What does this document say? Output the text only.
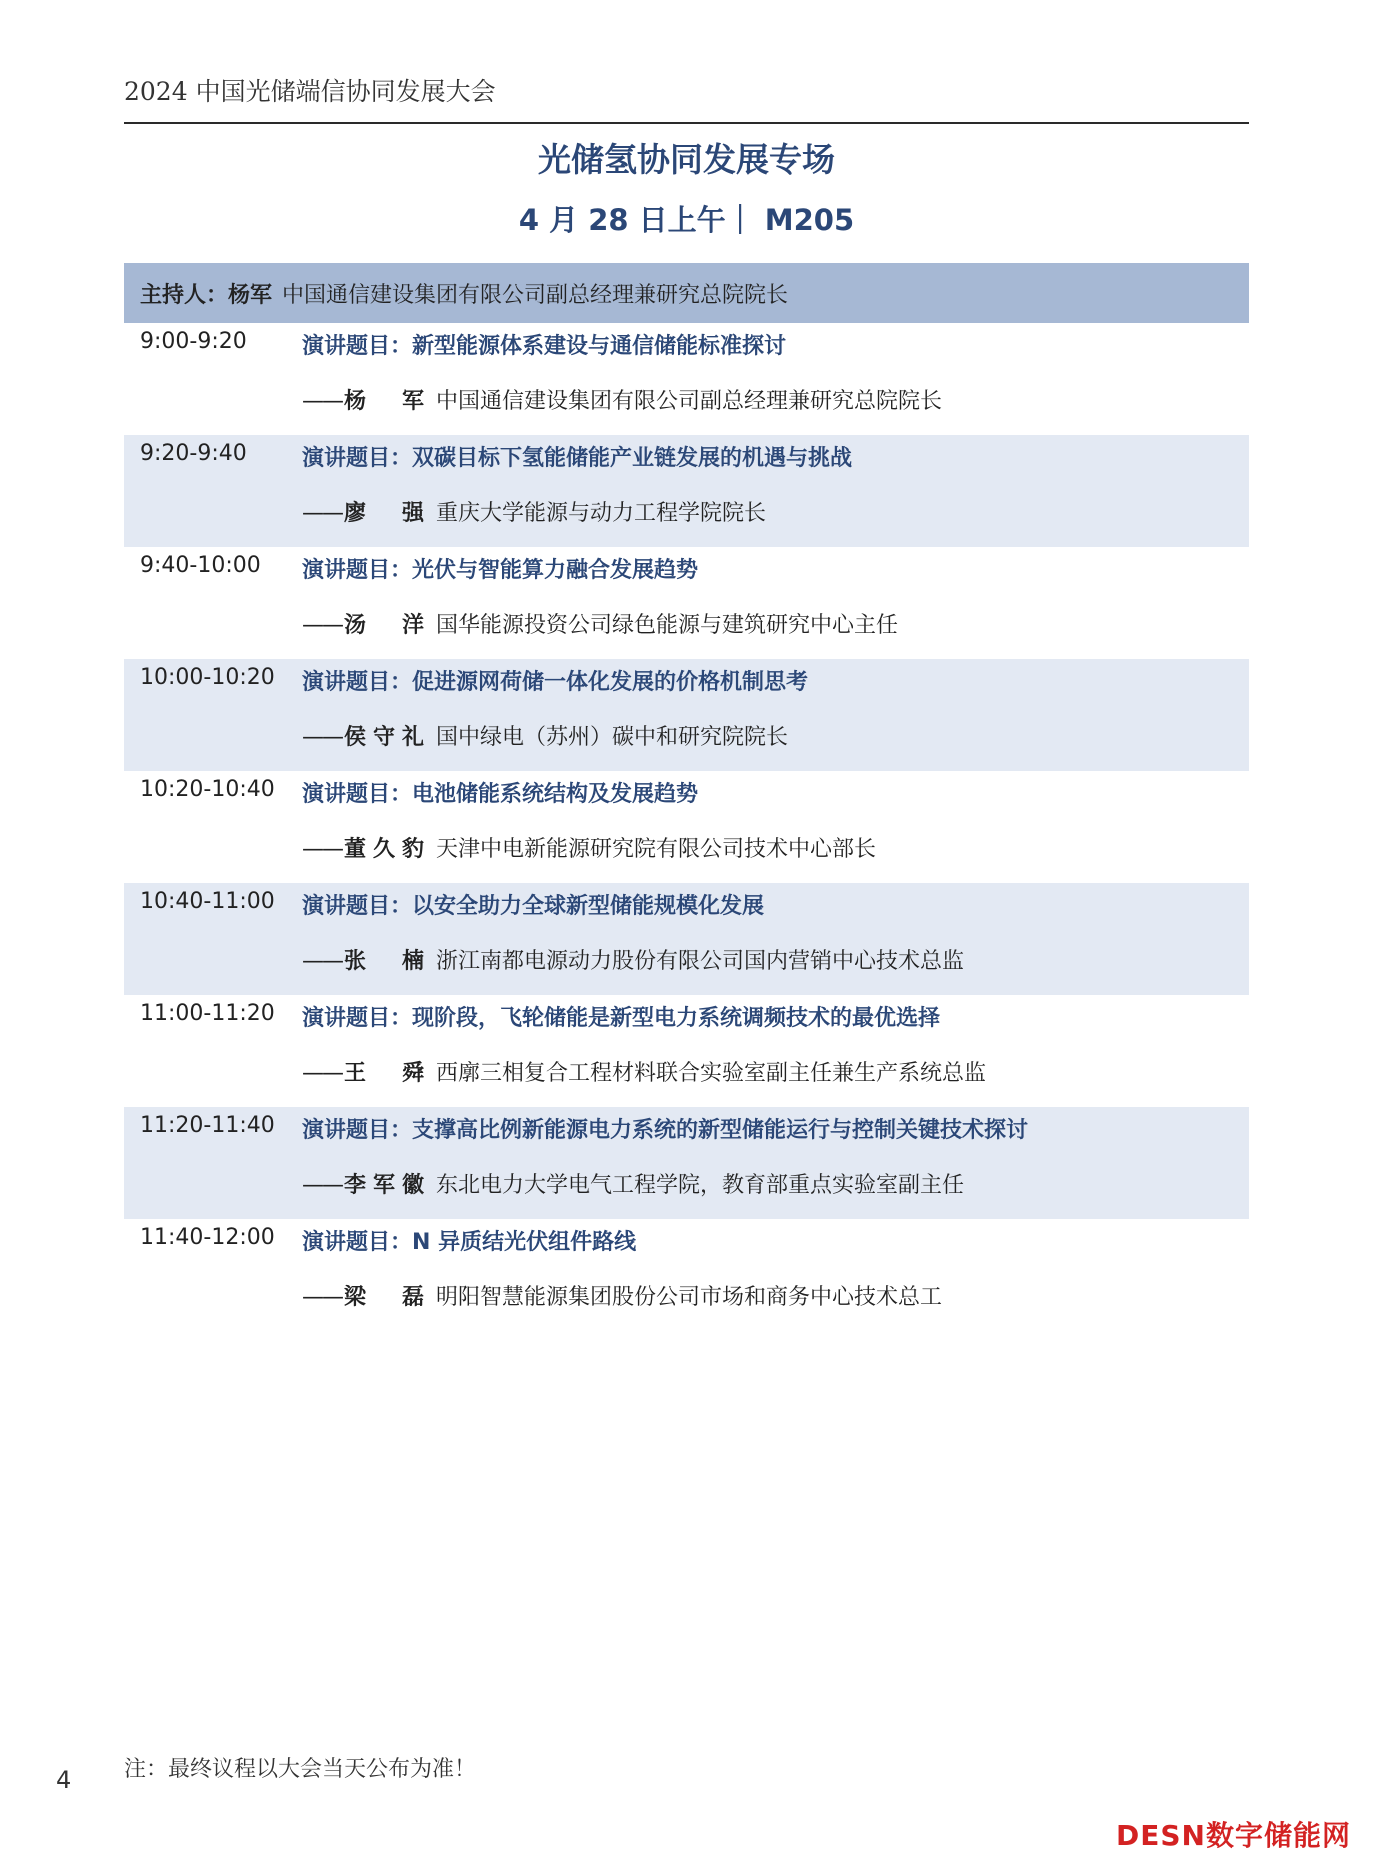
2024 中国光储端信协同发展大会
光储氢协同发展专场
4 月 28 日上午｜ M205
主持人： 杨军 中国通信建设集团有限公司副总经理兼研究总院院长
9:00-9:20	演讲题目：新型能源体系建设与通信储能标准探讨
——杨 军 中国通信建设集团有限公司副总经理兼研究总院院长
9:20-9:40	演讲题目：双碳目标下氢能储能产业链发展的机遇与挑战
——廖 强 重庆大学能源与动力工程学院院长
9:40-10:00 演讲题目：光伏与智能算力融合发展趋势
——汤 洋 国华能源投资公司绿色能源与建筑研究中心主任
10:00-10:20 演讲题目：促进源网荷储一体化发展的价格机制思考
——侯守礼 国中绿电（苏州）碳中和研究院院长
10:20-10:40 演讲题目：电池储能系统结构及发展趋势
——董久豹 天津中电新能源研究院有限公司技术中心部长
10:40-11:00 演讲题目：以安全助力全球新型储能规模化发展
——张 楠 浙江南都电源动力股份有限公司国内营销中心技术总监
11:00-11:20 演讲题目：现阶段，飞轮储能是新型电力系统调频技术的最优选择
——王 舜 西廓三相复合工程材料联合实验室副主任兼生产系统总监
11:20-11:40 演讲题目：支撑高比例新能源电力系统的新型储能运行与控制关键技术探讨
——李军徽 东北电力大学电气工程学院，教育部重点实验室副主任
11:40-12:00 演讲题目：N 异质结光伏组件路线
——梁 磊 明阳智慧能源集团股份公司市场和商务中心技术总工
注：最终议程以大会当天公布为准！
4
DESN数字储能网
